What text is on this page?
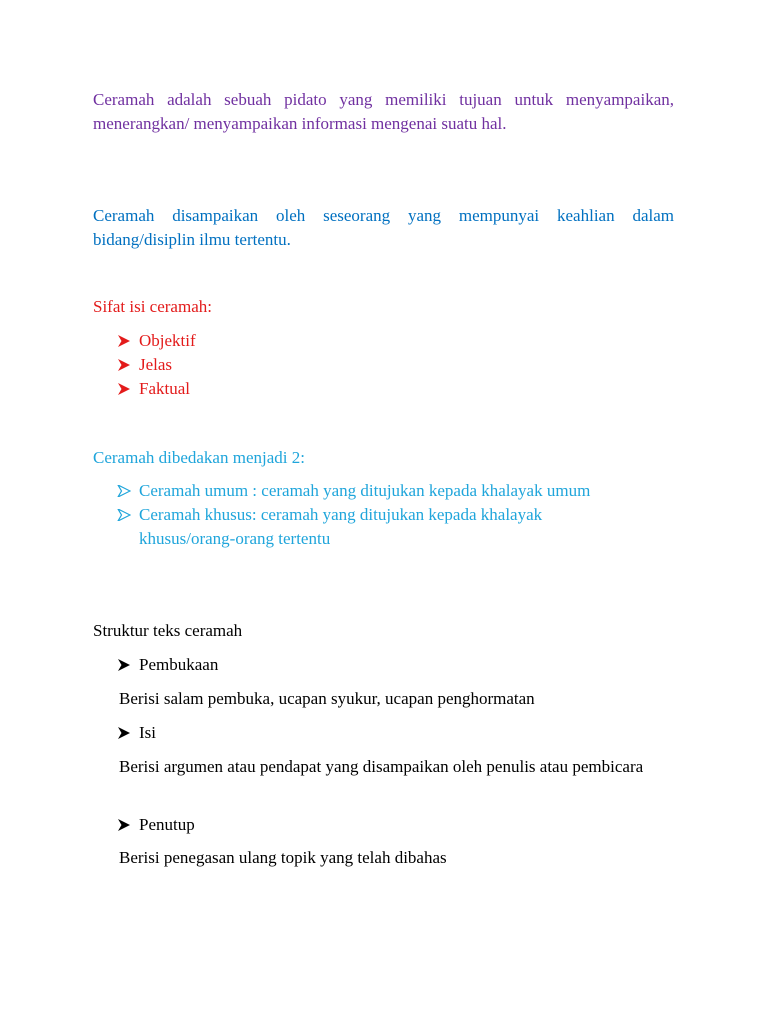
Ceramah adalah sebuah pidato yang memiliki tujuan untuk menyampaikan, menerangkan/ menyampaikan informasi mengenai suatu hal.

Ceramah disampaikan oleh seseorang yang mempunyai keahlian dalam bidang/disiplin ilmu tertentu.

Sifat isi ceramah:

Objektif
Jelas
Faktual

Ceramah dibedakan menjadi 2:

Ceramah umum : ceramah yang ditujukan kepada khalayak umum
Ceramah khusus: ceramah yang ditujukan kepada khalayak khusus/orang-orang tertentu

Struktur teks ceramah

Pembukaan

Berisi salam pembuka, ucapan syukur, ucapan penghormatan

Isi

Berisi argumen atau pendapat yang disampaikan oleh penulis atau pembicara

Penutup

Berisi penegasan ulang topik yang telah dibahas
